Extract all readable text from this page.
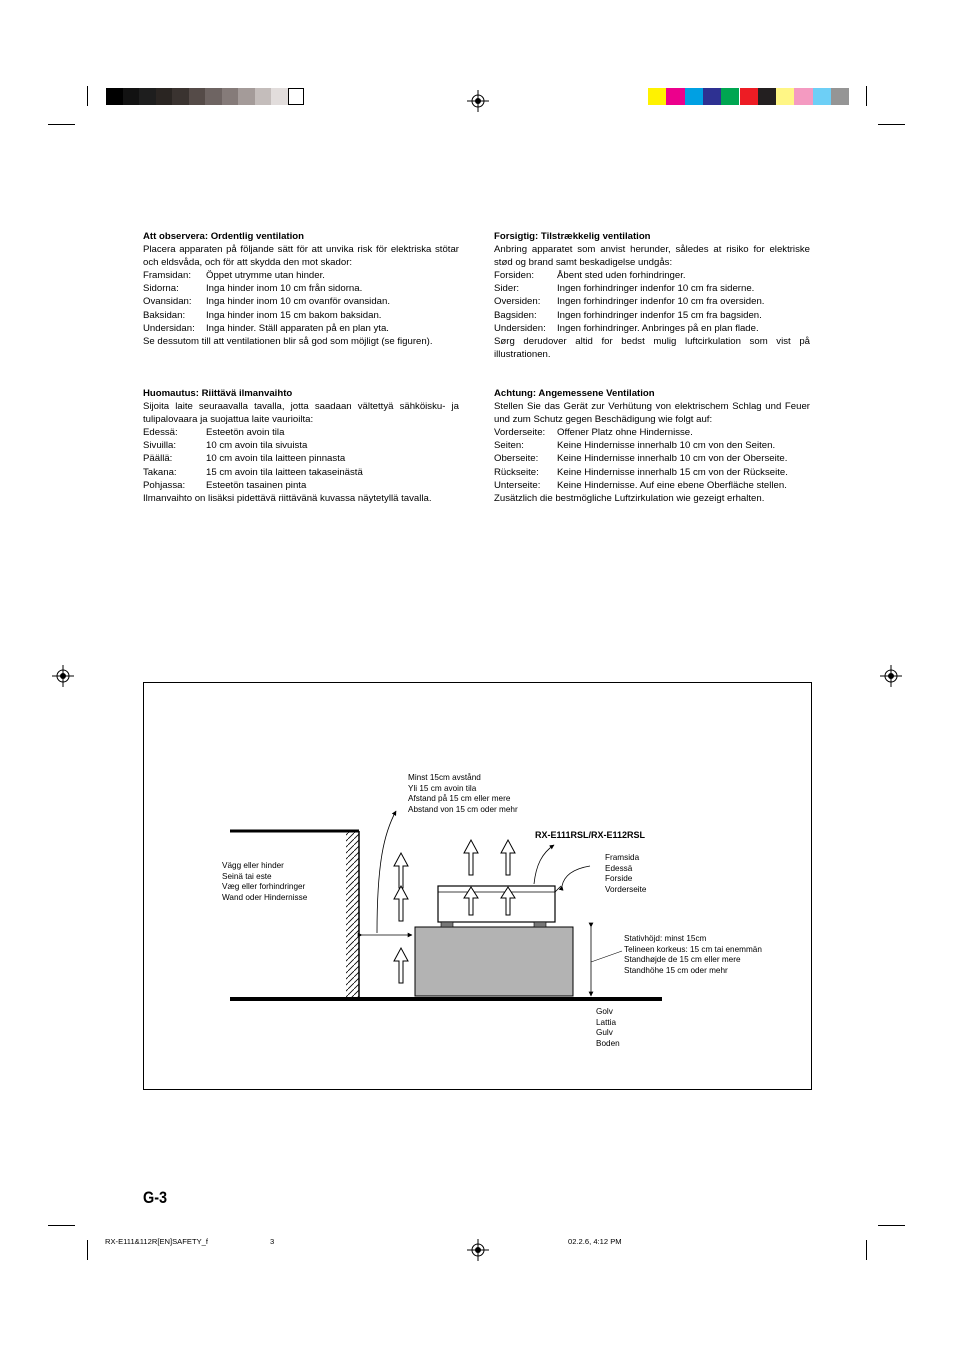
Att observera: Ordentlig ventilation

Placera apparaten på följande sätt för att unvika risk för elektriska stötar och eldsvåda, och för att skydda den mot skador:

Framsidan:	Öppet utrymme utan hinder.
Sidorna:	Inga hinder inom 10 cm från sidorna.
Ovansidan:	Inga hinder inom 10 cm ovanför ovansidan.
Baksidan:	Inga hinder inom 15 cm bakom baksidan.
Undersidan:	Inga hinder. Ställ apparaten på en plan yta.

Se dessutom till att ventilationen blir så god som möjligt (se figuren).

Forsigtig: Tilstrækkelig ventilation

Anbring apparatet som anvist herunder, således at risiko for elektriske stød og brand samt beskadigelse undgås:

Forsiden:	Åbent sted uden forhindringer.
Sider:	Ingen forhindringer indenfor 10 cm fra siderne.
Oversiden:	Ingen forhindringer indenfor 10 cm fra oversiden.
Bagsiden:	Ingen forhindringer indenfor 15 cm fra bagsiden.
Undersiden:	Ingen forhindringer. Anbringes på en plan flade.

Sørg derudover altid for bedst mulig luftcirkulation som vist på illustrationen.

Huomautus: Riittävä ilmanvaihto

Sijoita laite seuraavalla tavalla, jotta saadaan vältettyä sähköisku- ja tulipalovaara ja suojattua laite vaurioilta:

Edessä:	Esteetön avoin tila
Sivuilla:	10 cm avoin tila sivuista
Päällä:	10 cm avoin tila laitteen pinnasta
Takana:	15 cm avoin tila laitteen takaseinästä
Pohjassa:	Esteetön tasainen pinta

Ilmanvaihto on lisäksi pidettävä riittävänä kuvassa näytetyllä tavalla.

Achtung: Angemessene Ventilation

Stellen Sie das Gerät zur Verhütung von elektrischem Schlag und Feuer und zum Schutz gegen Beschädigung wie folgt auf:

Vorderseite:	Offener Platz ohne Hindernisse.
Seiten:	Keine Hindernisse innerhalb 10 cm von den Seiten.
Oberseite:	Keine Hindernisse innerhalb 10 cm von der Oberseite.
Rückseite:	Keine Hindernisse innerhalb 15 cm von der Rückseite.
Unterseite:	Keine Hindernisse. Auf eine ebene Oberfläche stellen.

Zusätzlich die bestmögliche Luftzirkulation wie gezeigt erhalten.

Minst 15cm avstånd
Yli 15 cm avoin tila
Afstand på 15 cm eller mere
Abstand von 15 cm oder mehr
RX-E111RSL/RX-E112RSL
Vägg eller hinder
Seinä tai este
Væg eller forhindringer
Wand oder Hindernisse
Framsida
Edessä
Forside
Vorderseite
Stativhöjd: minst 15cm
Telineen korkeus: 15 cm tai enemmän
Standhøjde de 15 cm eller mere
Standhöhe 15 cm oder mehr
Golv
Lattia
Gulv
Boden
G-3
RX-E111&112R[EN]SAFETY_f	3	02.2.6, 4:12 PM
